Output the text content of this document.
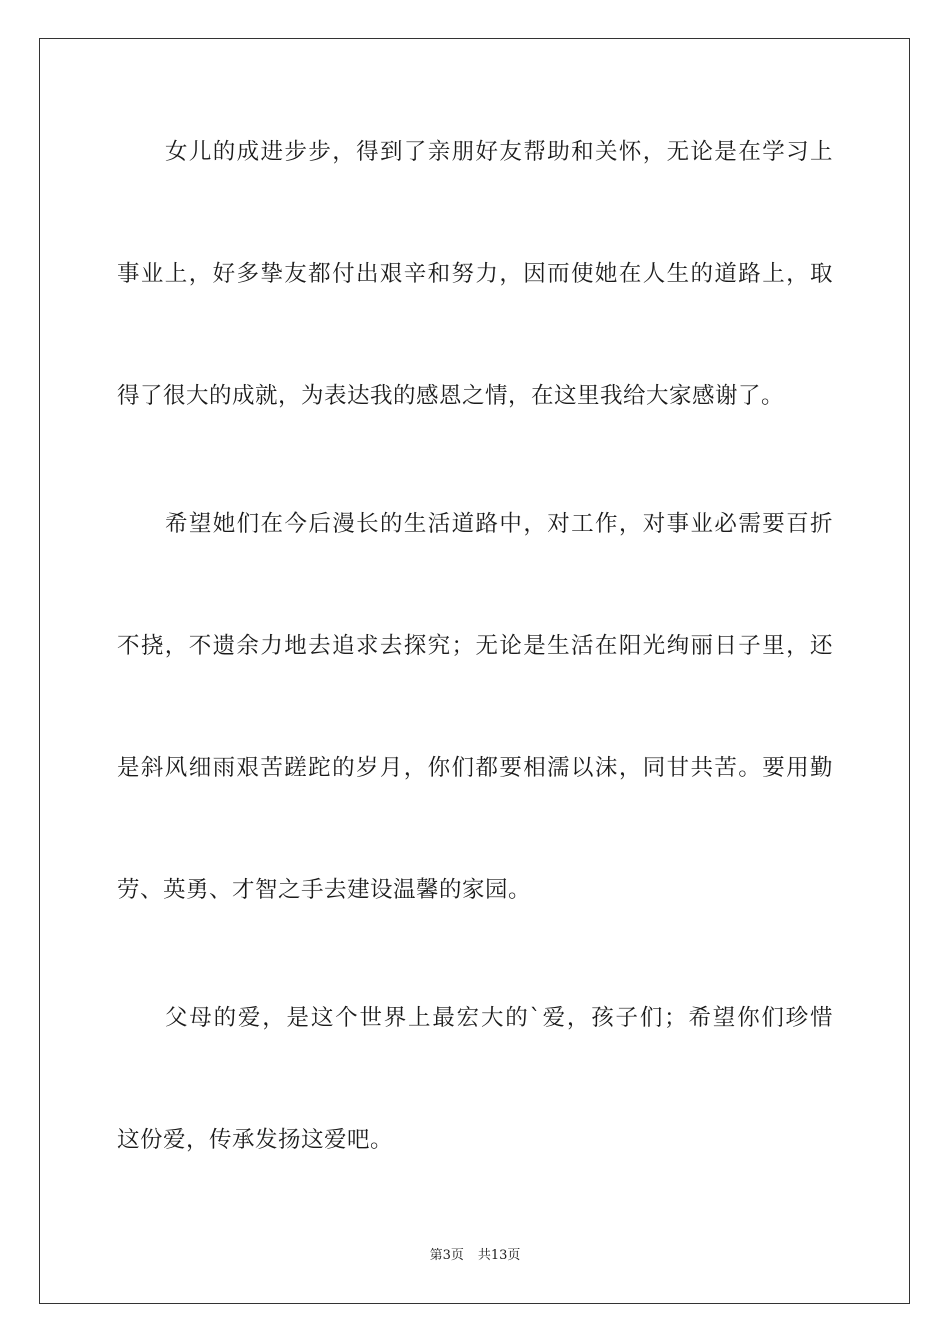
女儿的成进步步，得到了亲朋好友帮助和关怀，无论是在学习上
事业上，好多挚友都付出艰辛和努力，因而使她在人生的道路上，取
得了很大的成就，为表达我的感恩之情，在这里我给大家感谢了。
希望她们在今后漫长的生活道路中，对工作，对事业必需要百折
不挠，不遗余力地去追求去探究；无论是生活在阳光绚丽日子里，还
是斜风细雨艰苦蹉跎的岁月，你们都要相濡以沫，同甘共苦。要用勤
劳、英勇、才智之手去建设温馨的家园。
父母的爱，是这个世界上最宏大的`爱，孩子们；希望你们珍惜
这份爱，传承发扬这爱吧。
第3页 共13页
